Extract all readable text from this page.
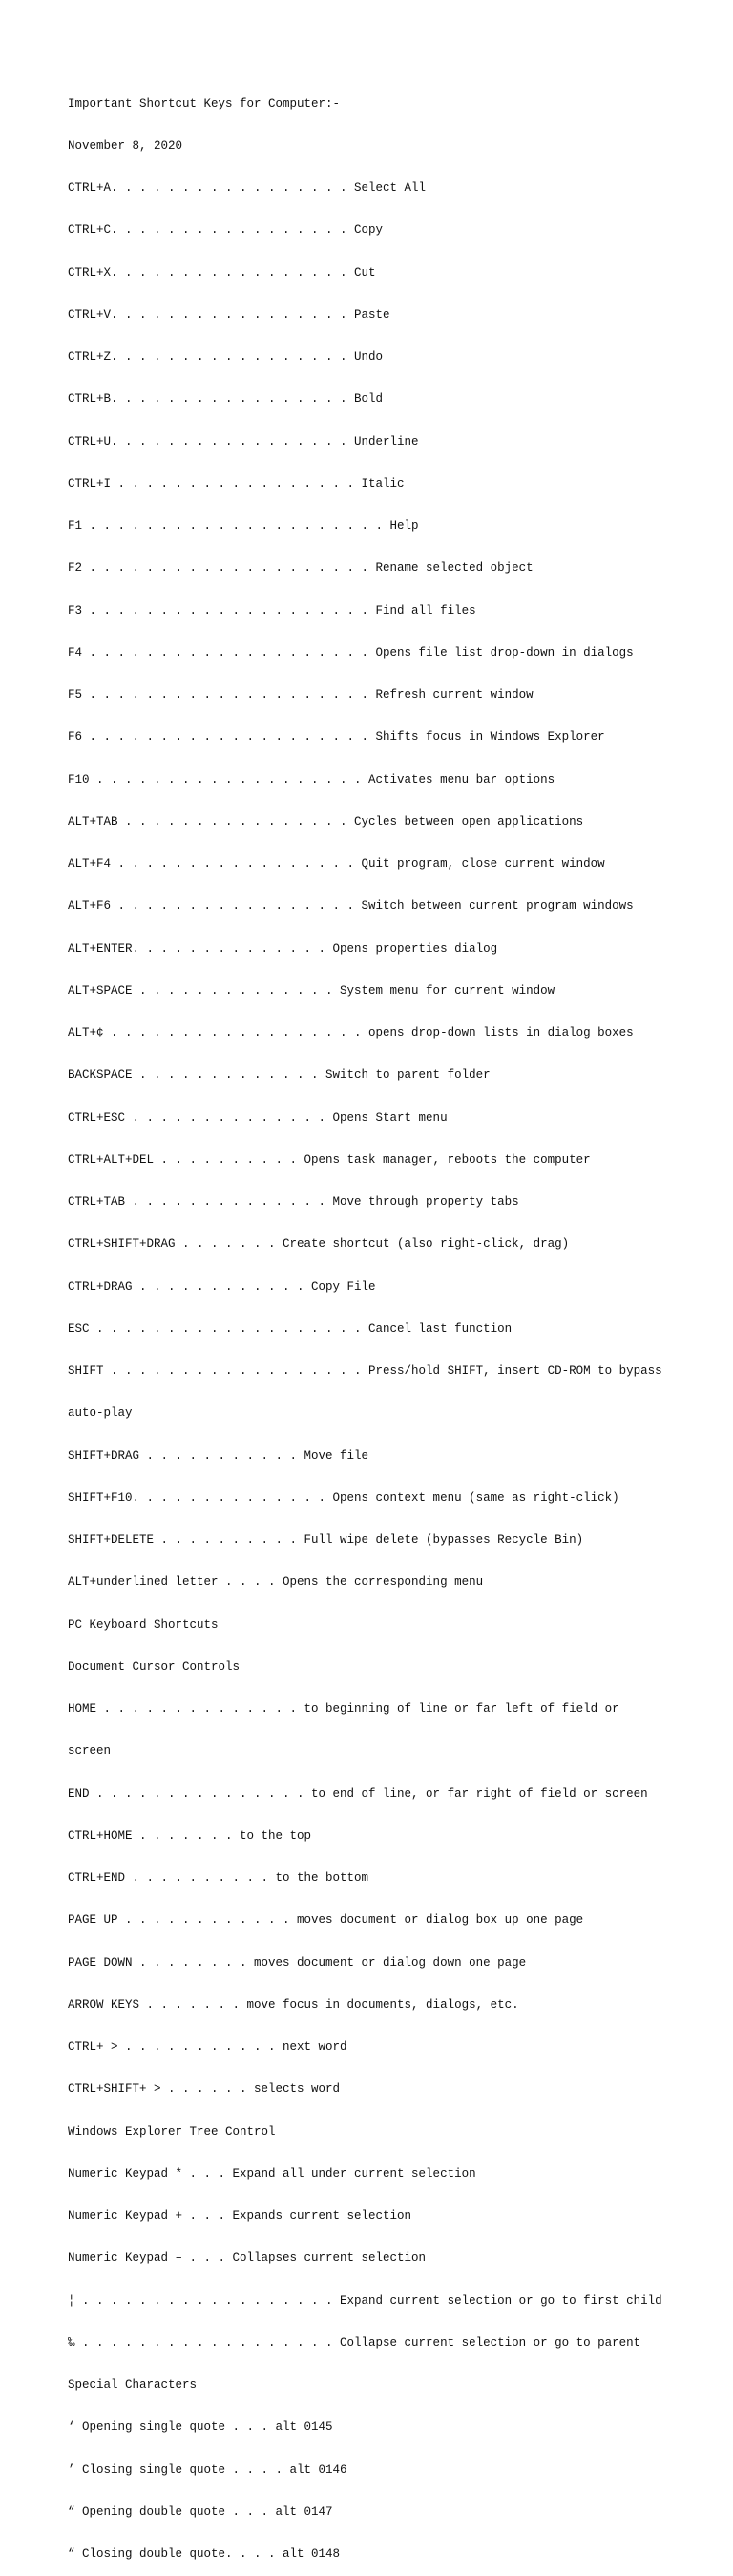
Important Shortcut Keys for Computer:-

November 8, 2020

CTRL+A. . . . . . . . . . . . . . . . . Select All

CTRL+C. . . . . . . . . . . . . . . . . Copy

CTRL+X. . . . . . . . . . . . . . . . . Cut

CTRL+V. . . . . . . . . . . . . . . . . Paste

CTRL+Z. . . . . . . . . . . . . . . . . Undo

CTRL+B. . . . . . . . . . . . . . . . . Bold

CTRL+U. . . . . . . . . . . . . . . . . Underline

CTRL+I . . . . . . . . . . . . . . . . . Italic

F1 . . . . . . . . . . . . . . . . . . . . . Help

F2 . . . . . . . . . . . . . . . . . . . . Rename selected object

F3 . . . . . . . . . . . . . . . . . . . . Find all files

F4 . . . . . . . . . . . . . . . . . . . . Opens file list drop-down in dialogs

F5 . . . . . . . . . . . . . . . . . . . . Refresh current window

F6 . . . . . . . . . . . . . . . . . . . . Shifts focus in Windows Explorer

F10 . . . . . . . . . . . . . . . . . . . Activates menu bar options

ALT+TAB . . . . . . . . . . . . . . . . Cycles between open applications

ALT+F4 . . . . . . . . . . . . . . . . . Quit program, close current window

ALT+F6 . . . . . . . . . . . . . . . . . Switch between current program windows

ALT+ENTER. . . . . . . . . . . . . . Opens properties dialog

ALT+SPACE . . . . . . . . . . . . . . System menu for current window

ALT+¢ . . . . . . . . . . . . . . . . . . opens drop-down lists in dialog boxes

BACKSPACE . . . . . . . . . . . . . Switch to parent folder

CTRL+ESC . . . . . . . . . . . . . . Opens Start menu

CTRL+ALT+DEL . . . . . . . . . . Opens task manager, reboots the computer

CTRL+TAB . . . . . . . . . . . . . . Move through property tabs

CTRL+SHIFT+DRAG . . . . . . . Create shortcut (also right-click, drag)

CTRL+DRAG . . . . . . . . . . . . Copy File

ESC . . . . . . . . . . . . . . . . . . . Cancel last function

SHIFT . . . . . . . . . . . . . . . . . . Press/hold SHIFT, insert CD-ROM to bypass

auto-play

SHIFT+DRAG . . . . . . . . . . . Move file

SHIFT+F10. . . . . . . . . . . . . . Opens context menu (same as right-click)

SHIFT+DELETE . . . . . . . . . . Full wipe delete (bypasses Recycle Bin)

ALT+underlined letter . . . . Opens the corresponding menu

PC Keyboard Shortcuts

Document Cursor Controls

HOME . . . . . . . . . . . . . . to beginning of line or far left of field or

screen

END . . . . . . . . . . . . . . . to end of line, or far right of field or screen

CTRL+HOME . . . . . . . to the top

CTRL+END . . . . . . . . . . to the bottom

PAGE UP . . . . . . . . . . . . moves document or dialog box up one page

PAGE DOWN . . . . . . . . moves document or dialog down one page

ARROW KEYS . . . . . . . move focus in documents, dialogs, etc.

CTRL+ > . . . . . . . . . . . next word

CTRL+SHIFT+ > . . . . . . selects word

Windows Explorer Tree Control

Numeric Keypad * . . . Expand all under current selection

Numeric Keypad + . . . Expands current selection

Numeric Keypad – . . . Collapses current selection

¦ . . . . . . . . . . . . . . . . . . Expand current selection or go to first child

‰ . . . . . . . . . . . . . . . . . . Collapse current selection or go to parent

Special Characters

‘ Opening single quote . . . alt 0145

’ Closing single quote . . . . alt 0146

“ Opening double quote . . . alt 0147

“ Closing double quote. . . . alt 0148
